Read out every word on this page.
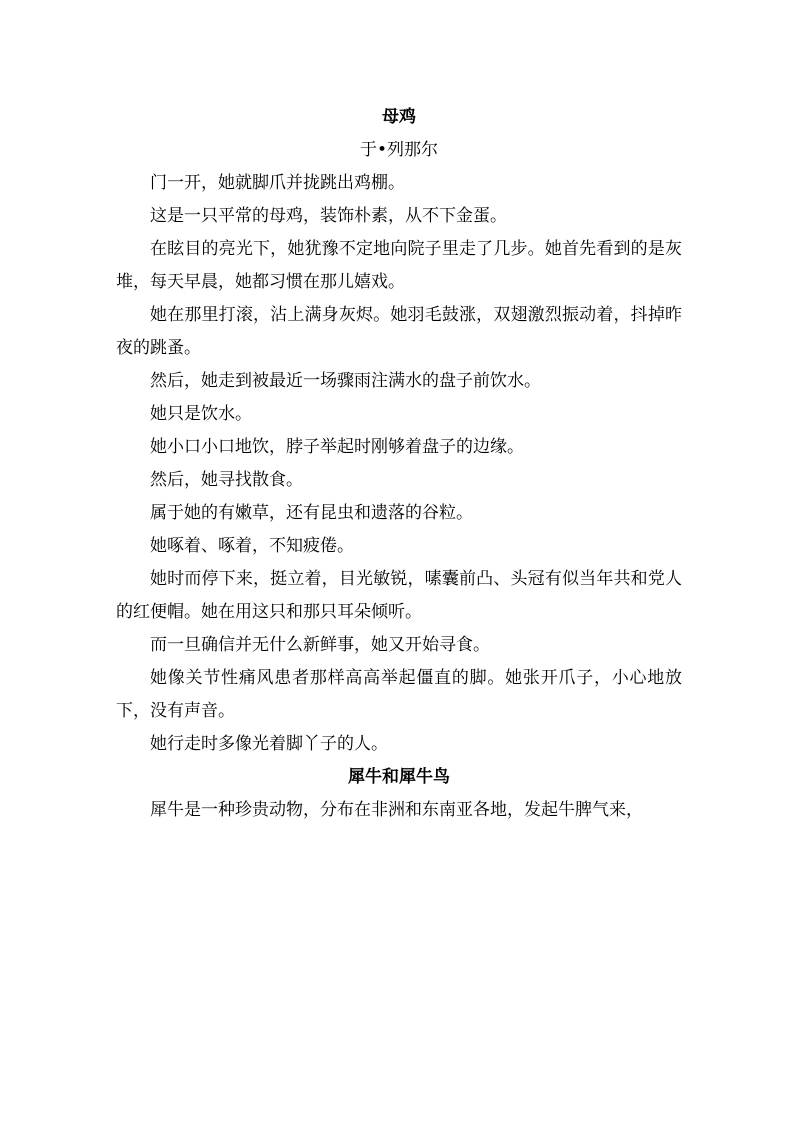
母鸡

于•列那尔

门一开，她就脚爪并拢跳出鸡棚。

这是一只平常的母鸡，装饰朴素，从不下金蛋。

在眩目的亮光下，她犹豫不定地向院子里走了几步。她首先看到的是灰堆，每天早晨，她都习惯在那儿嬉戏。

她在那里打滚，沾上满身灰烬。她羽毛鼓涨，双翅激烈振动着，抖掉昨夜的跳蚤。

然后，她走到被最近一场骤雨注满水的盘子前饮水。

她只是饮水。

她小口小口地饮，脖子举起时刚够着盘子的边缘。

然后，她寻找散食。

属于她的有嫩草，还有昆虫和遗落的谷粒。

她啄着、啄着，不知疲倦。

她时而停下来，挺立着，目光敏锐，嗉囊前凸、头冠有似当年共和党人的红便帽。她在用这只和那只耳朵倾听。

而一旦确信并无什么新鲜事，她又开始寻食。

她像关节性痛风患者那样高高举起僵直的脚。她张开爪子，小心地放下，没有声音。

她行走时多像光着脚丫子的人。

犀牛和犀牛鸟

犀牛是一种珍贵动物，分布在非洲和东南亚各地，发起牛脾气来，
